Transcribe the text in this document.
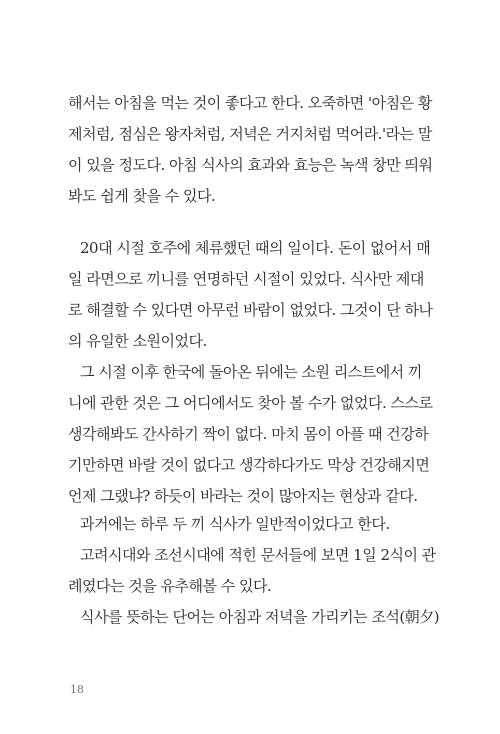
해서는 아침을 먹는 것이 좋다고 한다. 오죽하면 '아침은 황
제처럼, 점심은 왕자처럼, 저녁은 거지처럼 먹어라.'라는 말
이 있을 정도다. 아침 식사의 효과와 효능은 녹색 창만 띄워
봐도 쉽게 찾을 수 있다.
20대 시절 호주에 체류했던 때의 일이다. 돈이 없어서 매
일 라면으로 끼니를 연명하던 시절이 있었다. 식사만 제대
로 해결할 수 있다면 아무런 바람이 없었다. 그것이 단 하나
의 유일한 소원이었다.
그 시절 이후 한국에 돌아온 뒤에는 소원 리스트에서 끼
니에 관한 것은 그 어디에서도 찾아 볼 수가 없었다. 스스로
생각해봐도 간사하기 짝이 없다. 마치 몸이 아플 때 건강하
기만하면 바랄 것이 없다고 생각하다가도 막상 건강해지면
언제 그랬냐? 하듯이 바라는 것이 많아지는 현상과 같다.
과거에는 하루 두 끼 식사가 일반적이었다고 한다.
고려시대와 조선시대에 적힌 문서들에 보면 1일 2식이 관
례였다는 것을 유추해볼 수 있다.
식사를 뜻하는 단어는 아침과 저녁을 가리키는 조석(朝夕)
18
